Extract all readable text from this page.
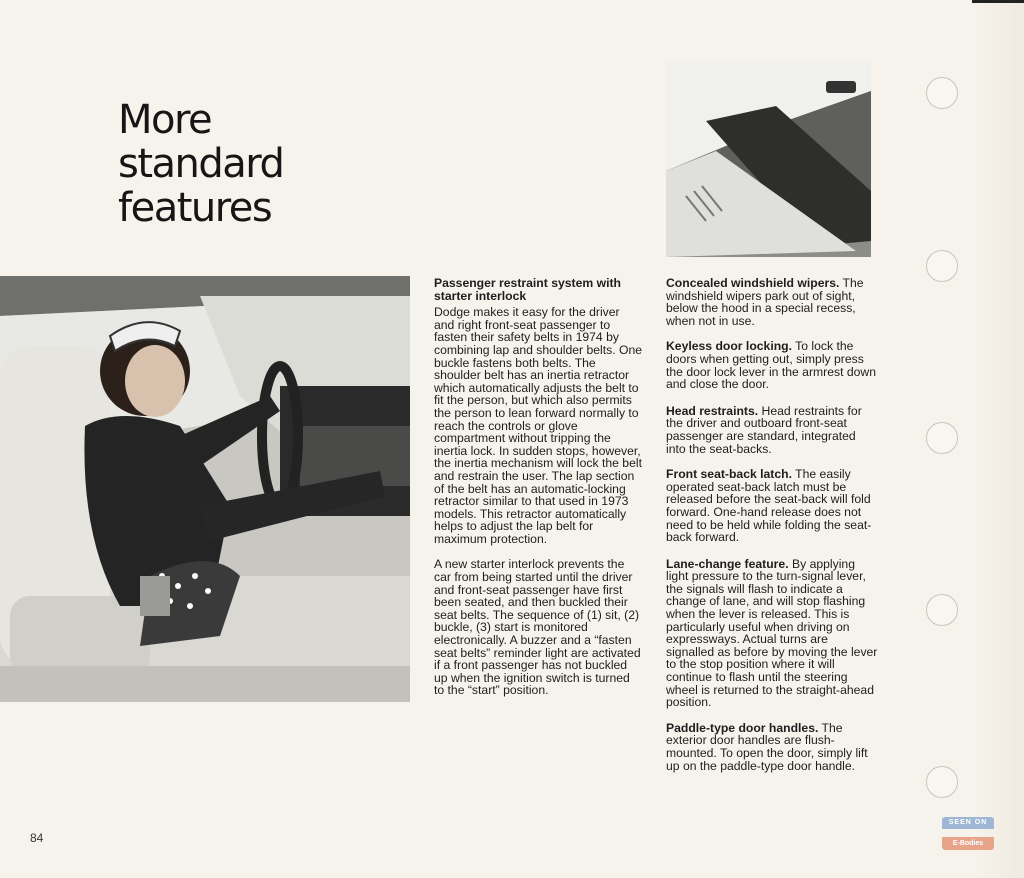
More
standard
features

Passenger restraint system with starter interlock

Dodge makes it easy for the driver and right front-seat passenger to fasten their safety belts in 1974 by combining lap and shoulder belts. One buckle fastens both belts. The shoulder belt has an inertia retractor which automatically adjusts the belt to fit the person, but which also permits the person to lean forward normally to reach the controls or glove compartment without tripping the inertia lock. In sudden stops, however, the inertia mechanism will lock the belt and restrain the user. The lap section of the belt has an automatic-locking retractor similar to that used in 1973 models. This retractor automatically helps to adjust the lap belt for maximum protection.

A new starter interlock prevents the car from being started until the driver and front-seat passenger have first been seated, and then buckled their seat belts. The sequence of (1) sit, (2) buckle, (3) start is monitored electronically. A buzzer and a “fasten seat belts” reminder light are activated if a front passenger has not buckled up when the ignition switch is turned to the “start” position.

Concealed windshield wipers. The windshield wipers park out of sight, below the hood in a special recess, when not in use.

Keyless door locking. To lock the doors when getting out, simply press the door lock lever in the armrest down and close the door.

Head restraints. Head restraints for the driver and outboard front-seat passenger are standard, integrated into the seat-backs.

Front seat-back latch. The easily operated seat-back latch must be released before the seat-back will fold forward. One-hand release does not need to be held while folding the seat-back forward.

Lane-change feature. By applying light pressure to the turn-signal lever, the signals will flash to indicate a change of lane, and will stop flashing when the lever is released. This is particularly useful when driving on expressways. Actual turns are signalled as before by moving the lever to the stop position where it will continue to flash until the steering wheel is returned to the straight-ahead position.

Paddle-type door handles. The exterior door handles are flush-mounted. To open the door, simply lift up on the paddle-type door handle.

84
SEEN ON
E-Bodies
